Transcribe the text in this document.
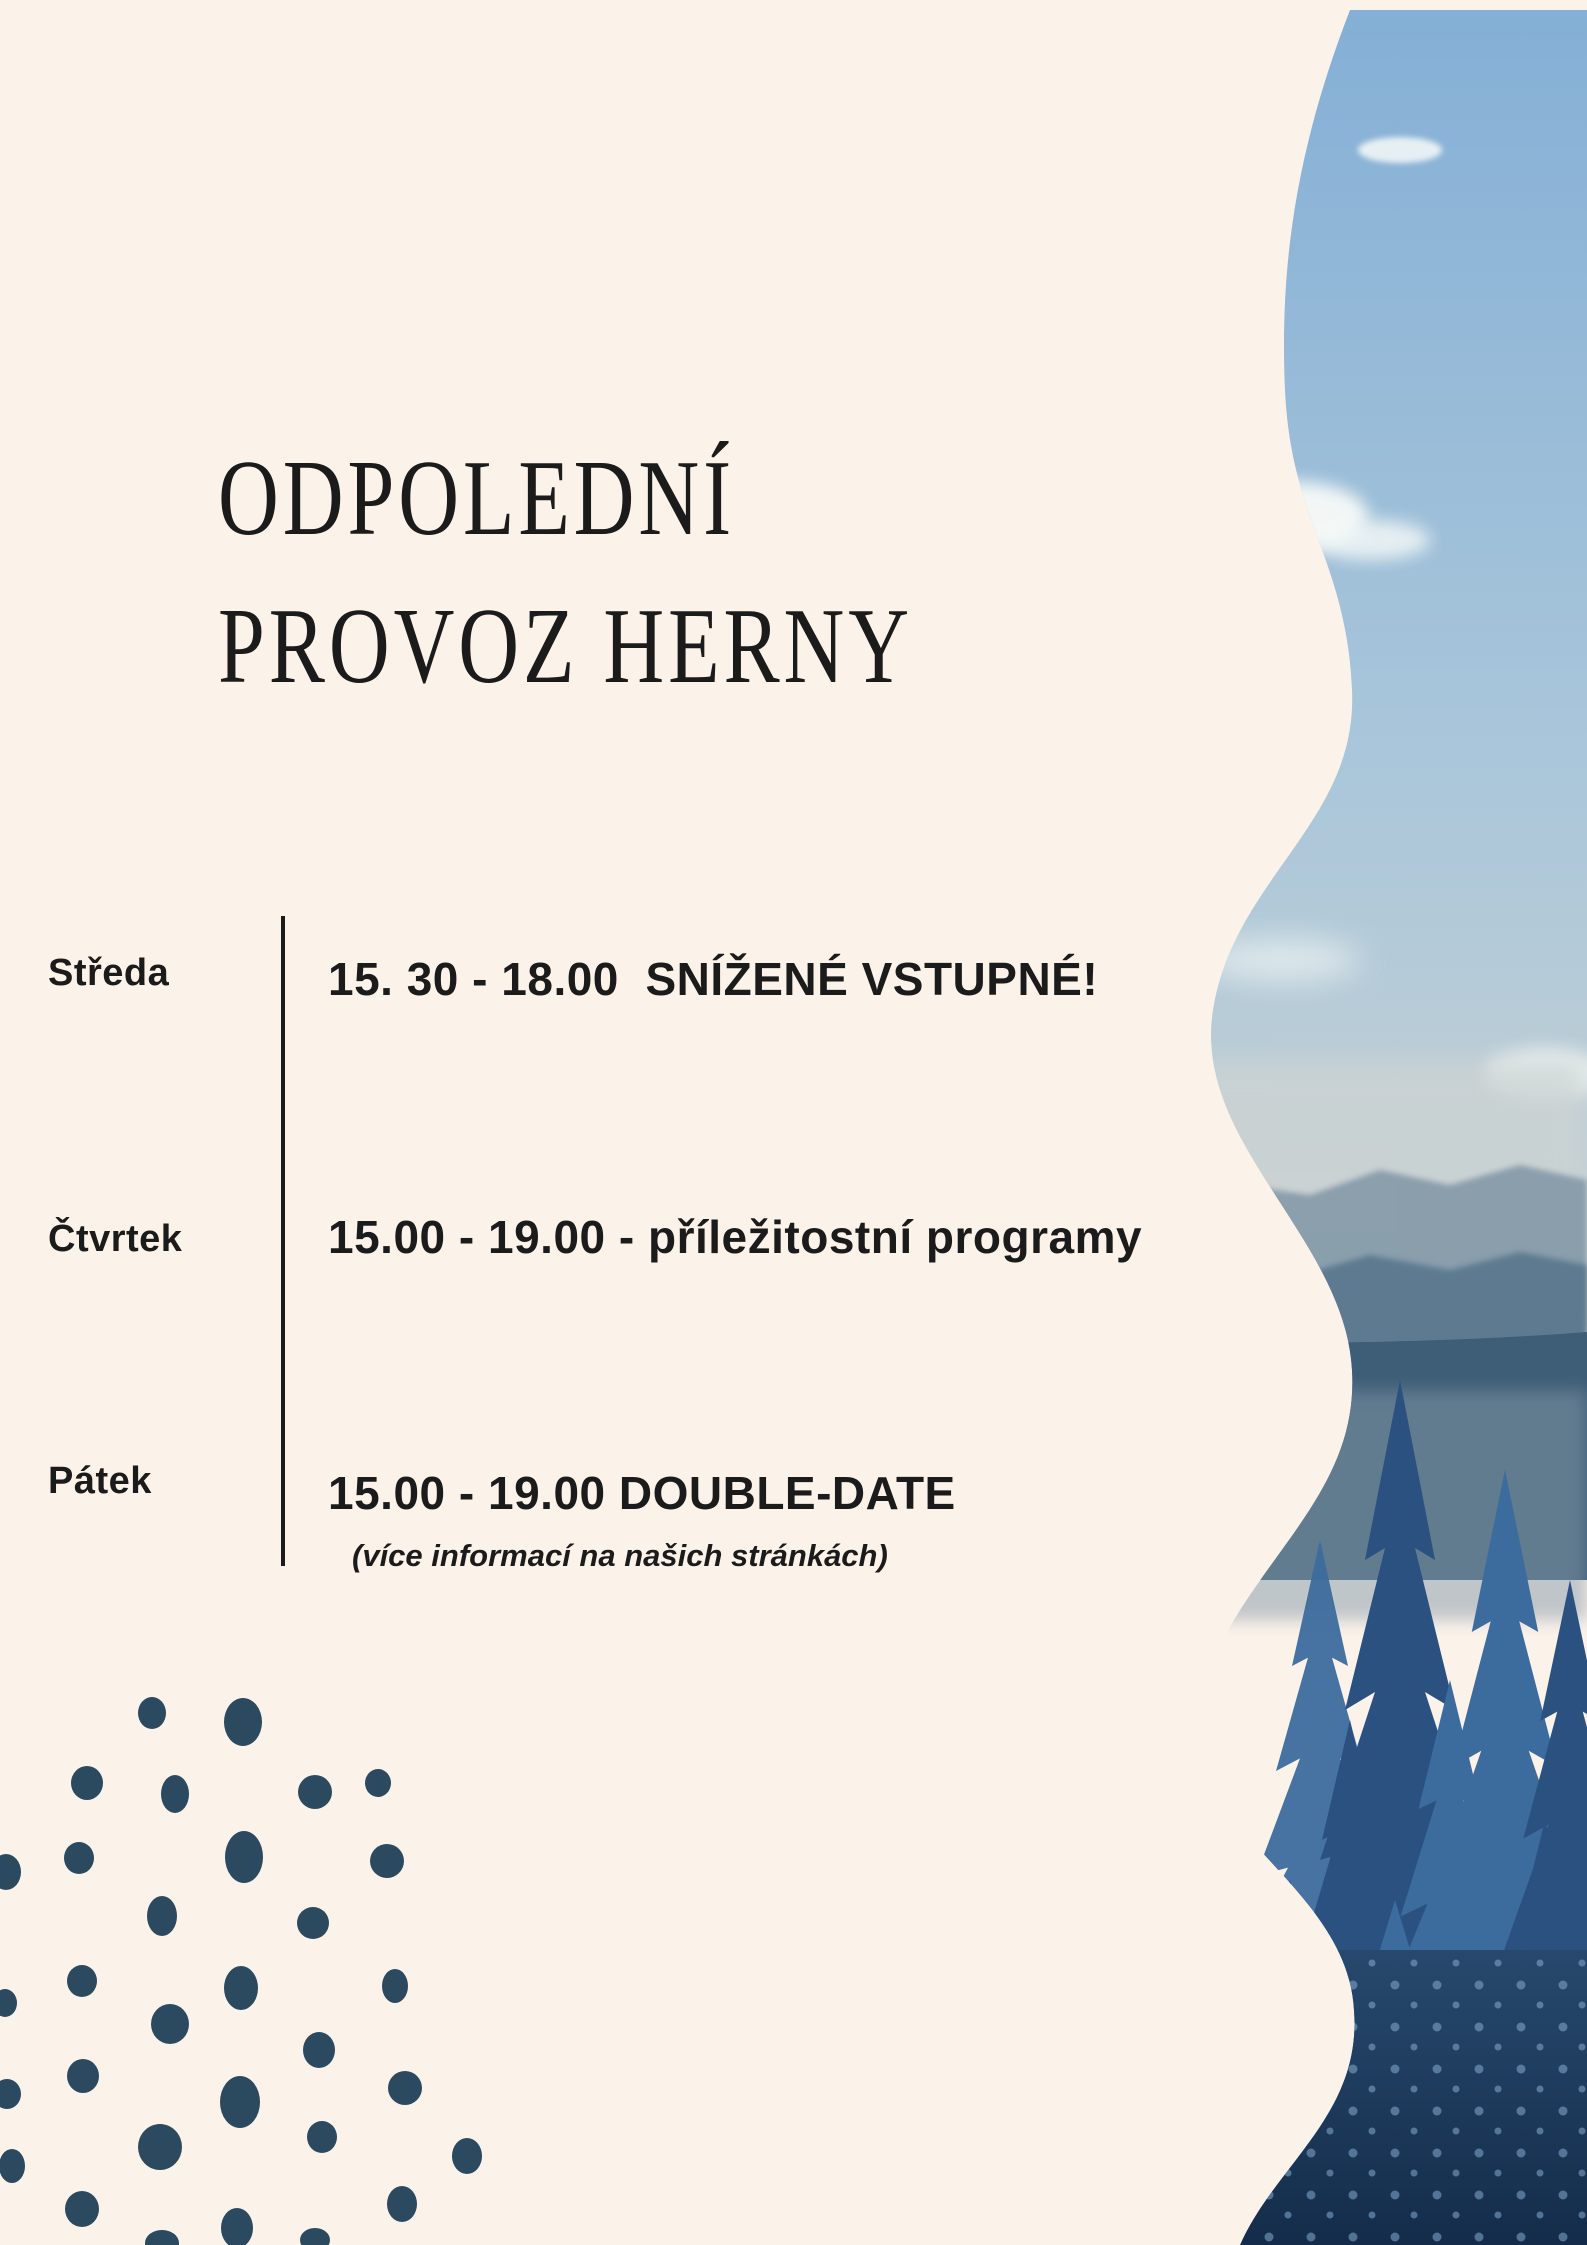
ODPOLEDNÍ
PROVOZ HERNY
Středa	15. 30 - 18.00  SNÍŽENÉ VSTUPNÉ!
Čtvrtek	15.00 - 19.00 - příležitostní programy
Pátek	15.00 - 19.00 DOUBLE-DATE
(více informací na našich stránkách)
